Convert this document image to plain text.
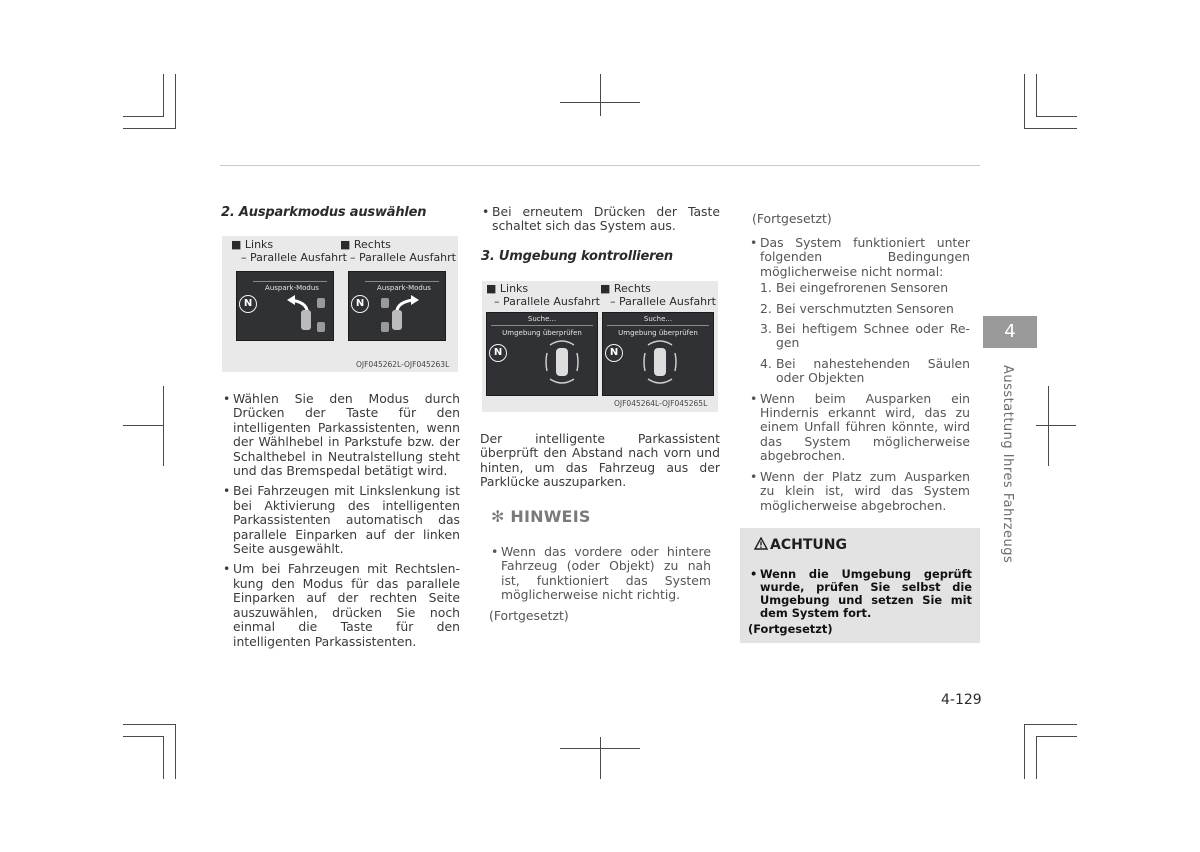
2. Ausparkmodus auswählen
■ Links
– Parallele Ausfahrt
■ Rechts
– Parallele Ausfahrt
Auspark-Modus
N
Auspark-Modus
N
OJF045262L-OJF045263L
• Wählen Sie den Modus durch Drücken der Taste für den intelligenten Parkassistenten, wenn der Wählhebel in Parkstufe bzw. der Schalthebel in Neutralstellung steht und das Bremspedal betätigt wird.
• Bei Fahrzeugen mit Linkslenkung ist bei Aktivierung des intelligenten Parkassistenten automatisch das parallele Einparken auf der linken Seite ausgewählt.
• Um bei Fahrzeugen mit Rechtslenkung den Modus für das parallele Einparken auf der rechten Seite auszuwählen, drücken Sie noch einmal die Taste für den intelligenten Parkassistenten.
• Bei erneutem Drücken der Taste schaltet sich das System aus.
3. Umgebung kontrollieren
■ Links
– Parallele Ausfahrt
■ Rechts
– Parallele Ausfahrt
Suche...
Umgebung überprüfen
N
Suche...
Umgebung überprüfen
N
OJF045264L-OJF045265L
Der intelligente Parkassistent überprüft den Abstand nach vorn und hinten, um das Fahrzeug aus der Parklücke auszuparken.
✻ HINWEIS
• Wenn das vordere oder hintere Fahrzeug (oder Objekt) zu nah ist, funktioniert das System möglicherweise nicht richtig.
(Fortgesetzt)
(Fortgesetzt)
• Das System funktioniert unter folgenden Bedingungen möglicherweise nicht normal:
1. Bei eingefrorenen Sensoren
2. Bei verschmutzten Sensoren
3. Bei heftigem Schnee oder Regen
4. Bei nahestehenden Säulen oder Objekten
• Wenn beim Ausparken ein Hindernis erkannt wird, das zu einem Unfall führen könnte, wird das System möglicherweise abgebrochen.
• Wenn der Platz zum Ausparken zu klein ist, wird das System möglicherweise abgebrochen.
ACHTUNG
• Wenn die Umgebung geprüft wurde, prüfen Sie selbst die Umgebung und setzen Sie mit dem System fort.
(Fortgesetzt)
4
Ausstattung Ihres Fahrzeugs
4-129
